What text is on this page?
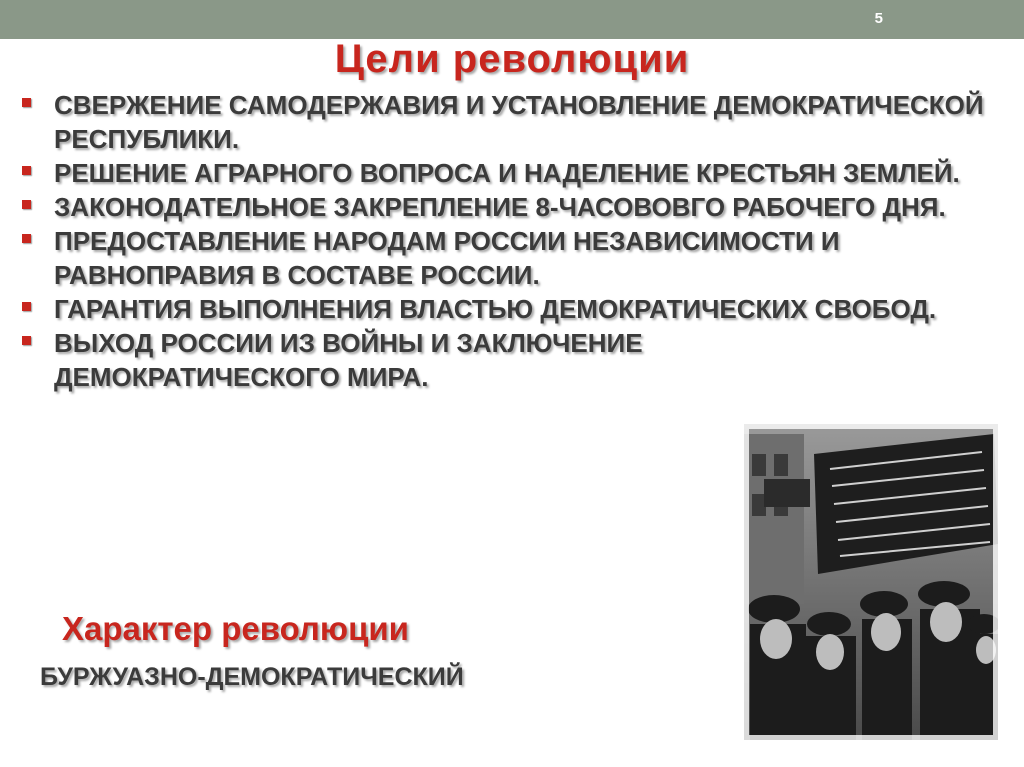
5
Цели революции
СВЕРЖЕНИЕ САМОДЕРЖАВИЯ И УСТАНОВЛЕНИЕ ДЕМОКРАТИЧЕСКОЙ РЕСПУБЛИКИ.
РЕШЕНИЕ АГРАРНОГО ВОПРОСА И НАДЕЛЕНИЕ КРЕСТЬЯН ЗЕМЛЕЙ.
ЗАКОНОДАТЕЛЬНОЕ ЗАКРЕПЛЕНИЕ 8-ЧАСОВОВГО РАБОЧЕГО ДНЯ.
ПРЕДОСТАВЛЕНИЕ НАРОДАМ РОССИИ НЕЗАВИСИМОСТИ И РАВНОПРАВИЯ В СОСТАВЕ РОССИИ.
ГАРАНТИЯ ВЫПОЛНЕНИЯ ВЛАСТЬЮ ДЕМОКРАТИЧЕСКИХ СВОБОД.
ВЫХОД РОССИИ ИЗ ВОЙНЫ И ЗАКЛЮЧЕНИЕ ДЕМОКРАТИЧЕСКОГО МИРА.
Характер революции

БУРЖУАЗНО-ДЕМОКРАТИЧЕСКИЙ
